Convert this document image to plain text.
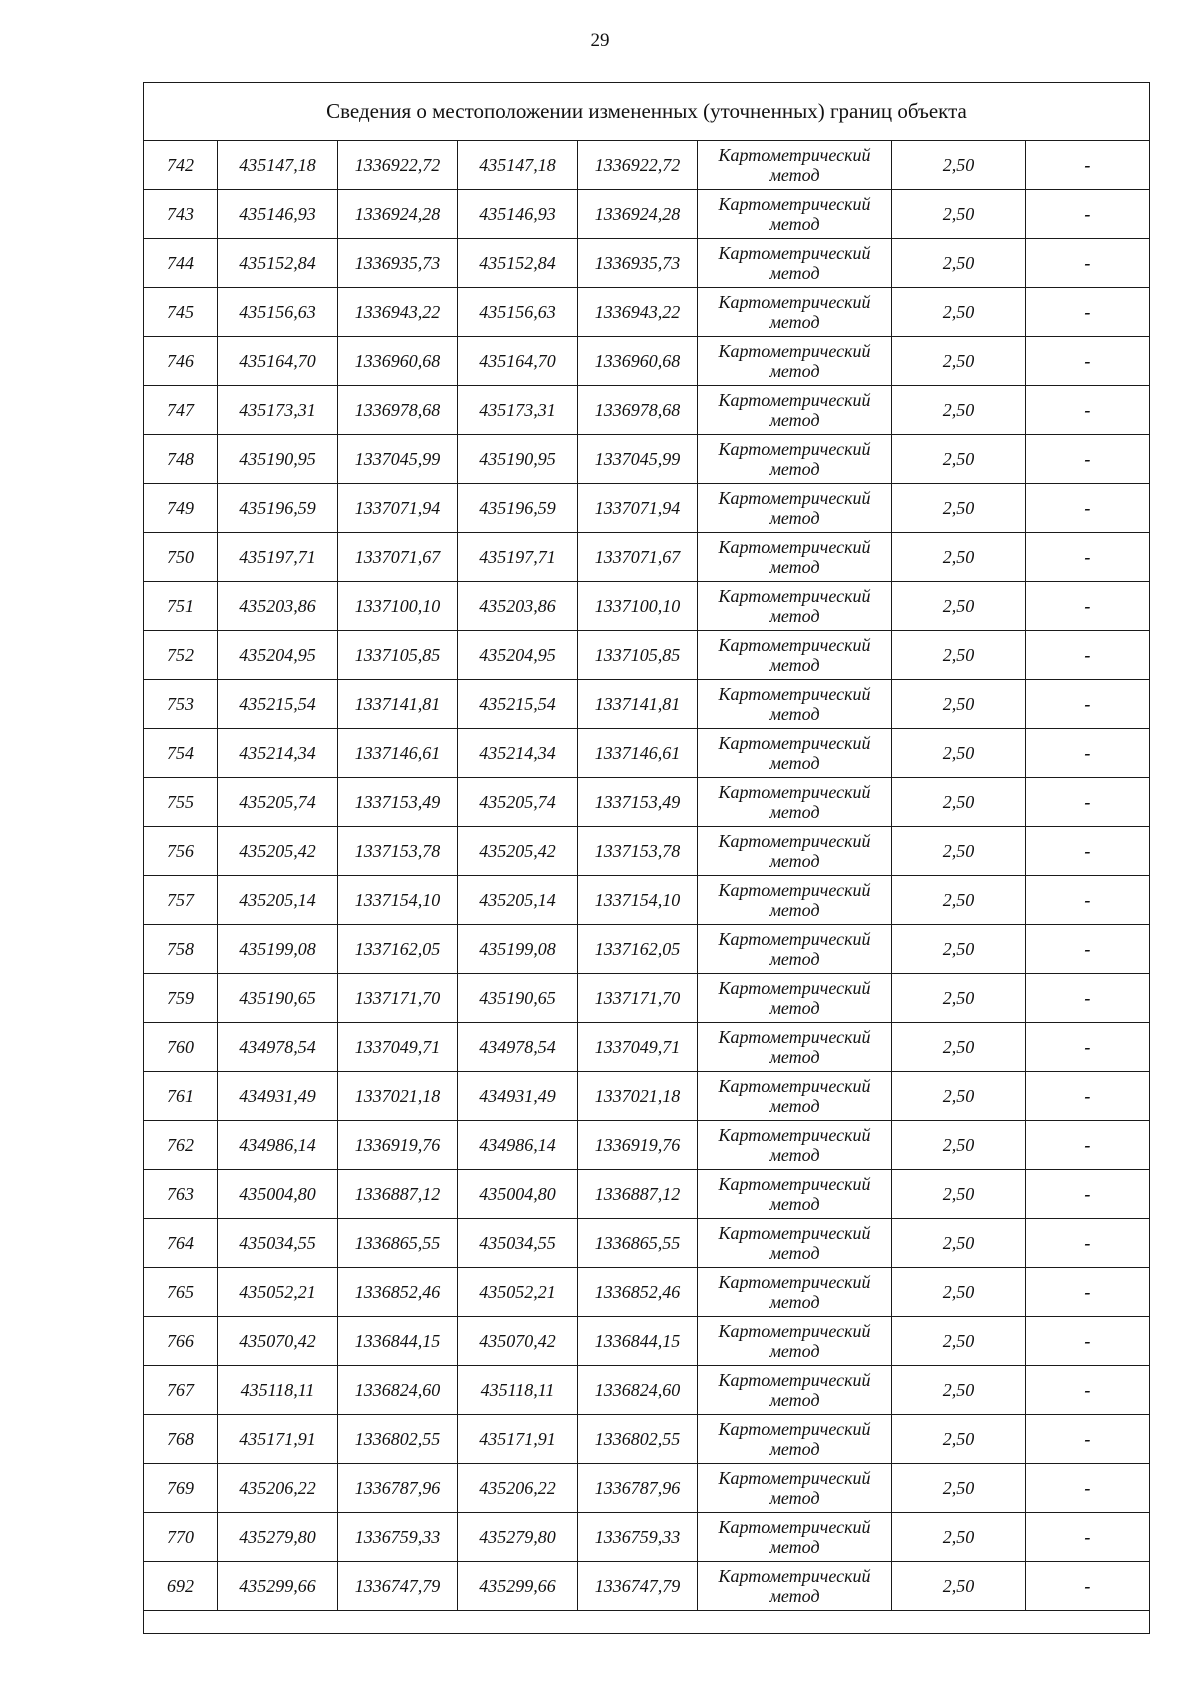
29
Сведения о местоположении измененных (уточненных) границ объекта							
742	435147,18	1336922,72	435147,18	1336922,72	Картометрический метод	2,50	-
743	435146,93	1336924,28	435146,93	1336924,28	Картометрический метод	2,50	-
744	435152,84	1336935,73	435152,84	1336935,73	Картометрический метод	2,50	-
745	435156,63	1336943,22	435156,63	1336943,22	Картометрический метод	2,50	-
746	435164,70	1336960,68	435164,70	1336960,68	Картометрический метод	2,50	-
747	435173,31	1336978,68	435173,31	1336978,68	Картометрический метод	2,50	-
748	435190,95	1337045,99	435190,95	1337045,99	Картометрический метод	2,50	-
749	435196,59	1337071,94	435196,59	1337071,94	Картометрический метод	2,50	-
750	435197,71	1337071,67	435197,71	1337071,67	Картометрический метод	2,50	-
751	435203,86	1337100,10	435203,86	1337100,10	Картометрический метод	2,50	-
752	435204,95	1337105,85	435204,95	1337105,85	Картометрический метод	2,50	-
753	435215,54	1337141,81	435215,54	1337141,81	Картометрический метод	2,50	-
754	435214,34	1337146,61	435214,34	1337146,61	Картометрический метод	2,50	-
755	435205,74	1337153,49	435205,74	1337153,49	Картометрический метод	2,50	-
756	435205,42	1337153,78	435205,42	1337153,78	Картометрический метод	2,50	-
757	435205,14	1337154,10	435205,14	1337154,10	Картометрический метод	2,50	-
758	435199,08	1337162,05	435199,08	1337162,05	Картометрический метод	2,50	-
759	435190,65	1337171,70	435190,65	1337171,70	Картометрический метод	2,50	-
760	434978,54	1337049,71	434978,54	1337049,71	Картометрический метод	2,50	-
761	434931,49	1337021,18	434931,49	1337021,18	Картометрический метод	2,50	-
762	434986,14	1336919,76	434986,14	1336919,76	Картометрический метод	2,50	-
763	435004,80	1336887,12	435004,80	1336887,12	Картометрический метод	2,50	-
764	435034,55	1336865,55	435034,55	1336865,55	Картометрический метод	2,50	-
765	435052,21	1336852,46	435052,21	1336852,46	Картометрический метод	2,50	-
766	435070,42	1336844,15	435070,42	1336844,15	Картометрический метод	2,50	-
767	435118,11	1336824,60	435118,11	1336824,60	Картометрический метод	2,50	-
768	435171,91	1336802,55	435171,91	1336802,55	Картометрический метод	2,50	-
769	435206,22	1336787,96	435206,22	1336787,96	Картометрический метод	2,50	-
770	435279,80	1336759,33	435279,80	1336759,33	Картометрический метод	2,50	-
692	435299,66	1336747,79	435299,66	1336747,79	Картометрический метод	2,50	-
